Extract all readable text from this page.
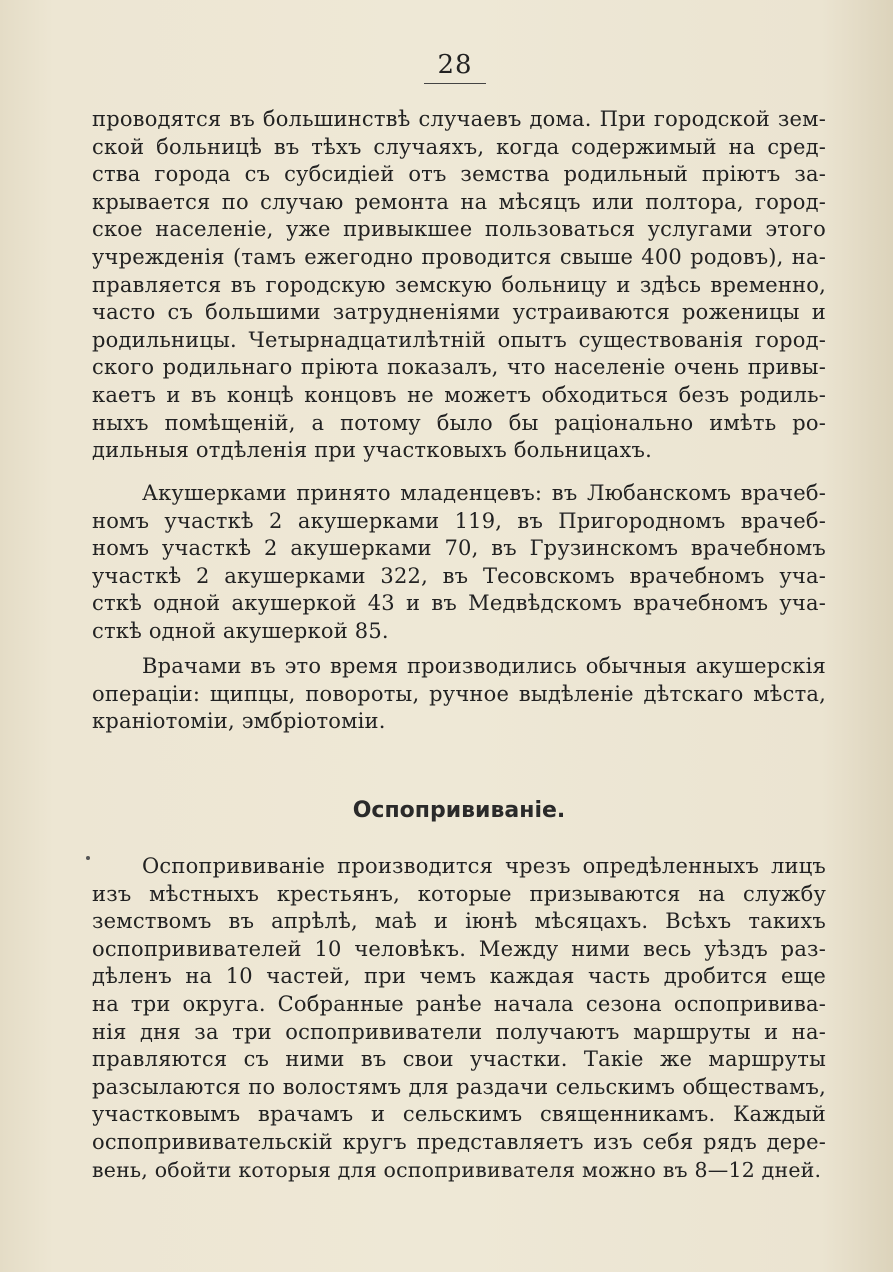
28
проводятся въ большинствѣ случаевъ дома. При городской зем-
ской больницѣ въ тѣхъ случаяхъ, когда содержимый на сред-
ства города съ субсидіей отъ земства родильный пріютъ за-
крывается по случаю ремонта на мѣсяцъ или полтора, город-
ское населеніе, уже привыкшее пользоваться услугами этого
учрежденія (тамъ ежегодно проводится свыше 400 родовъ), на-
правляется въ городскую земскую больницу и здѣсь временно,
часто съ большими затрудненіями устраиваются роженицы и
родильницы. Четырнадцатилѣтній опытъ существованія город-
ского родильнаго пріюта показалъ, что населеніе очень привы-
каетъ и въ концѣ концовъ не можетъ обходиться безъ родиль-
ныхъ помѣщеній, а потому было бы раціонально имѣть ро-
дильныя отдѣленія при участковыхъ больницахъ.
Акушерками принято младенцевъ: въ Любанскомъ врачеб-
номъ участкѣ 2 акушерками 119, въ Пригородномъ врачеб-
номъ участкѣ 2 акушерками 70, въ Грузинскомъ врачебномъ
участкѣ 2 акушерками 322, въ Тесовскомъ врачебномъ уча-
сткѣ одной акушеркой 43 и въ Медвѣдскомъ врачебномъ уча-
сткѣ одной акушеркой 85.
Врачами въ это время производились обычныя акушерскія
операціи: щипцы, повороты, ручное выдѣленіе дѣтскаго мѣста,
краніотоміи, эмбріотоміи.
Оспопрививаніе.
Оспопрививаніе производится чрезъ опредѣленныхъ лицъ
изъ мѣстныхъ крестьянъ, которые призываются на службу
земствомъ въ апрѣлѣ, маѣ и іюнѣ мѣсяцахъ. Всѣхъ такихъ
оспопрививателей 10 человѣкъ. Между ними весь уѣздъ раз-
дѣленъ на 10 частей, при чемъ каждая часть дробится еще
на три округа. Собранные ранѣе начала сезона оспопривива-
нія дня за три оспопрививатели получаютъ маршруты и на-
правляются съ ними въ свои участки. Такіе же маршруты
разсылаются по волостямъ для раздачи сельскимъ обществамъ,
участковымъ врачамъ и сельскимъ священникамъ. Каждый
оспопрививательскій кругъ представляетъ изъ себя рядъ дере-
вень, обойти которыя для оспопрививателя можно въ 8—12 дней.
